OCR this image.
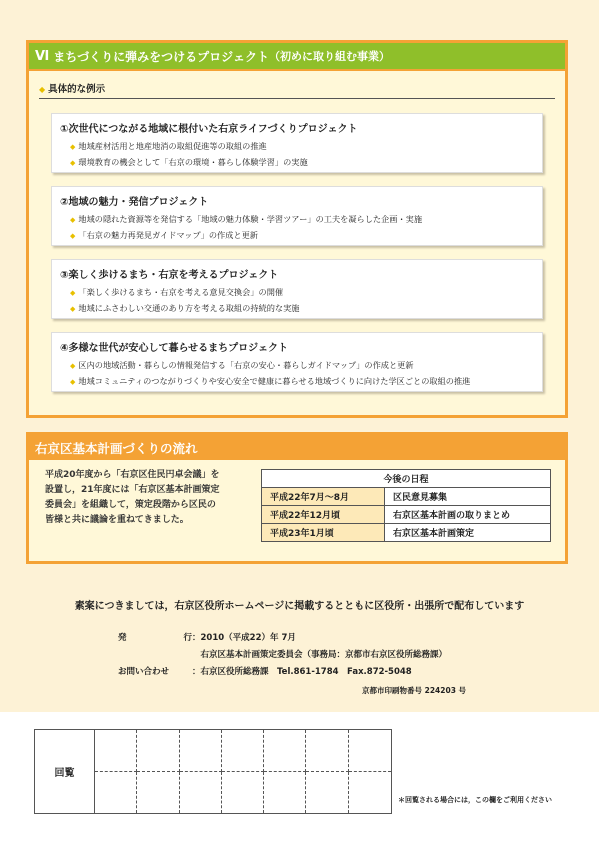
Ⅵ まちづくりに弾みをつけるプロジェクト （初めに取り組む事業）
◆ 具体的な例示
①次世代につながる地域に根付いた右京ライフづくりプロジェクト
◆ 地域産材活用と地産地消の取組促進等の取組の推進
◆ 環境教育の機会として「右京の環境・暮らし体験学習」の実施
②地域の魅力・発信プロジェクト
◆ 地域の隠れた資源等を発信する「地域の魅力体験・学習ツアー」の工夫を凝らした企画・実施
◆ 「右京の魅力再発見ガイドマップ」の作成と更新
③楽しく歩けるまち・右京を考えるプロジェクト
◆ 「楽しく歩けるまち・右京を考える意見交換会」の開催
◆ 地域にふさわしい交通のあり方を考える取組の持続的な実施
④多様な世代が安心して暮らせるまちプロジェクト
◆ 区内の地域活動・暮らしの情報発信する「右京の安心・暮らしガイドマップ」の作成と更新
◆ 地域コミュニティのつながりづくりや安心安全で健康に暮らせる地域づくりに向けた学区ごとの取組の推進
右京区基本計画づくりの流れ
平成20年度から「右京区住民円卓会議」を
設置し，21年度には「右京区基本計画策定
委員会」を組織して，策定段階から区民の
皆様と共に議論を重ねてきました。
今後の日程	
平成22年7月～8月	区民意見募集
平成22年12月頃	右京区基本計画の取りまとめ
平成23年1月頃	右京区基本計画策定
素案につきましては，右京区役所ホームページに掲載するとともに区役所・出張所で配布しています
発	行 ： 2010（平成22）年 7月
右京区基本計画策定委員会（事務局：京都市右京区役所総務課）
お問い合わせ	： 右京区役所総務課　Tel.861-1784　Fax.872-5048
京都市印刷物番号 224203 号
回覧
＊回覧される場合には，この欄をご利用ください
